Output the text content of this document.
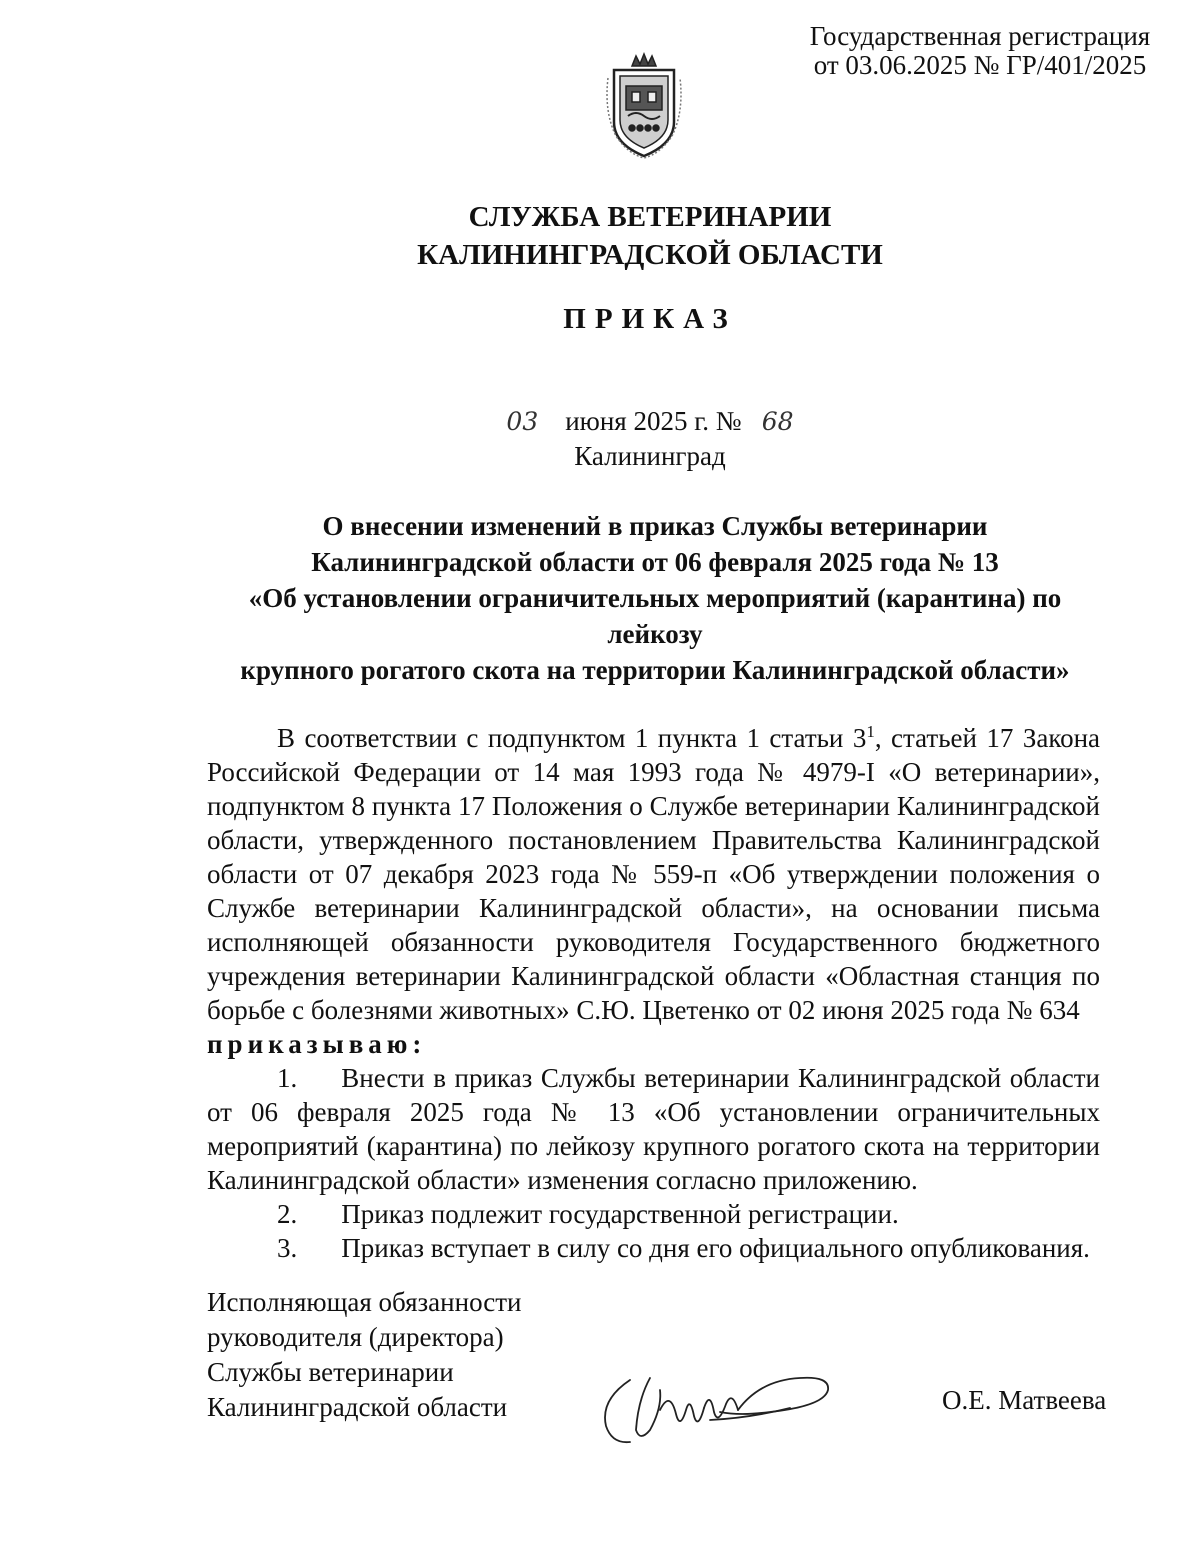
Государственная регистрация
от 03.06.2025 № ГР/401/2025
СЛУЖБА ВЕТЕРИНАРИИ
КАЛИНИНГРАДСКОЙ ОБЛАСТИ
ПРИКАЗ
03 июня 2025 г. № 68
Калининград
О внесении изменений в приказ Службы ветеринарии
Калининградской области от 06 февраля 2025 года № 13
«Об установлении ограничительных мероприятий (карантина) по лейкозу
крупного рогатого скота на территории Калининградской области»

В соответствии с подпунктом 1 пункта 1 статьи $3^1$, статьей 17 Закона Российской Федерации от 14 мая 1993 года № 4979-I «О ветеринарии», подпунктом 8 пункта 17 Положения о Службе ветеринарии Калининградской области, утвержденного постановлением Правительства Калининградской области от 07 декабря 2023 года № 559-п «Об утверждении положения о Службе ветеринарии Калининградской области», на основании письма исполняющей обязанности руководителя Государственного бюджетного учреждения ветеринарии Калининградской области «Областная станция по борьбе с болезнями животных» С.Ю. Цветенко от 02 июня 2025 года № 634

приказываю:

1. Внести в приказ Службы ветеринарии Калининградской области от 06 февраля 2025 года № 13 «Об установлении ограничительных мероприятий (карантина) по лейкозу крупного рогатого скота на территории Калининградской области» изменения согласно приложению.

2. Приказ подлежит государственной регистрации.

3. Приказ вступает в силу со дня его официального опубликования.

Исполняющая обязанности
руководителя (директора)
Службы ветеринарии
Калининградской области	О.Е. Матвеева
